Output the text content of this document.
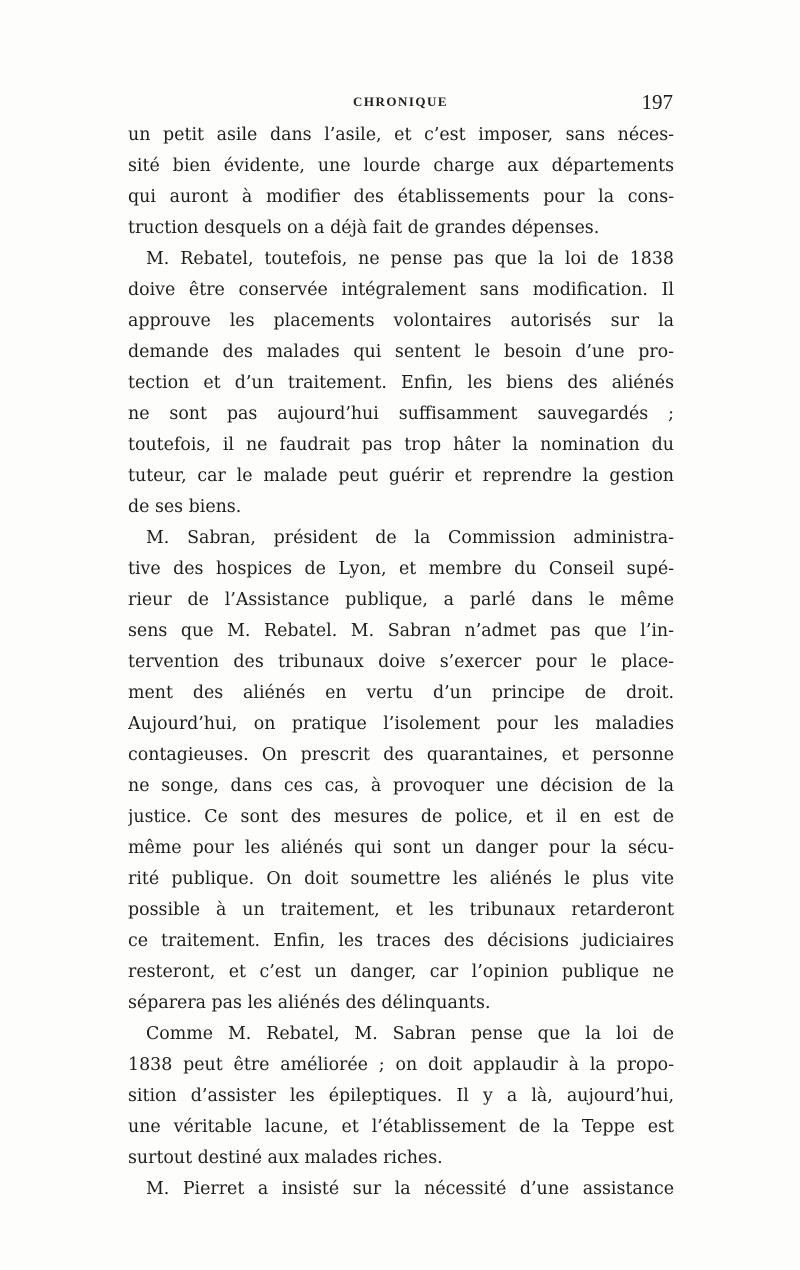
CHRONIQUE	197
un petit asile dans l’asile, et c’est imposer, sans néces-
sité bien évidente, une lourde charge aux départements
qui auront à modifier des établissements pour la cons-
truction desquels on a déjà fait de grandes dépenses.
M. Rebatel, toutefois, ne pense pas que la loi de 1838
doive être conservée intégralement sans modification. Il
approuve les placements volontaires autorisés sur la
demande des malades qui sentent le besoin d’une pro-
tection et d’un traitement. Enfin, les biens des aliénés
ne sont pas aujourd’hui suffisamment sauvegardés ;
toutefois, il ne faudrait pas trop hâter la nomination du
tuteur, car le malade peut guérir et reprendre la gestion
de ses biens.
M. Sabran, président de la Commission administra-
tive des hospices de Lyon, et membre du Conseil supé-
rieur de l’Assistance publique, a parlé dans le même
sens que M. Rebatel. M. Sabran n’admet pas que l’in-
tervention des tribunaux doive s’exercer pour le place-
ment des aliénés en vertu d’un principe de droit.
Aujourd’hui, on pratique l’isolement pour les maladies
contagieuses. On prescrit des quarantaines, et personne
ne songe, dans ces cas, à provoquer une décision de la
justice. Ce sont des mesures de police, et il en est de
même pour les aliénés qui sont un danger pour la sécu-
rité publique. On doit soumettre les aliénés le plus vite
possible à un traitement, et les tribunaux retarderont
ce traitement. Enfin, les traces des décisions judiciaires
resteront, et c’est un danger, car l’opinion publique ne
séparera pas les aliénés des délinquants.
Comme M. Rebatel, M. Sabran pense que la loi de
1838 peut être améliorée ; on doit applaudir à la propo-
sition d’assister les épileptiques. Il y a là, aujourd’hui,
une véritable lacune, et l’établissement de la Teppe est
surtout destiné aux malades riches.
M. Pierret a insisté sur la nécessité d’une assistance
